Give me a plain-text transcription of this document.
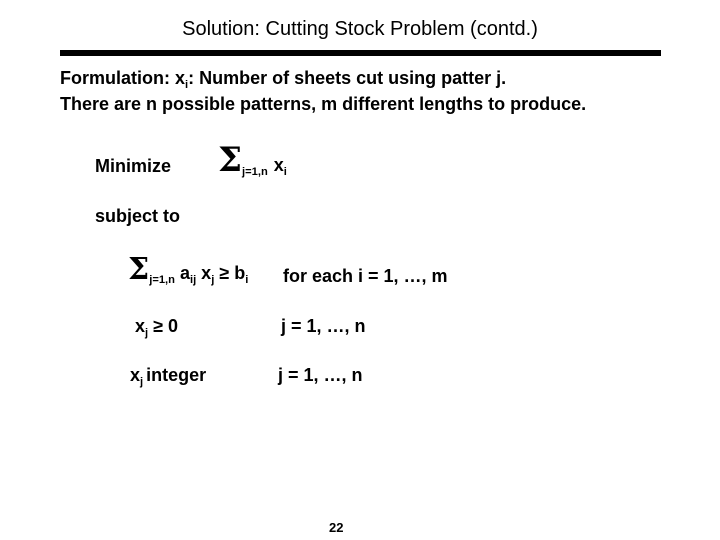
Solution: Cutting Stock Problem (contd.)
Formulation: $x_i$: Number of sheets cut using patter j.
There are n possible patterns, m different lengths to produce.
Minimize $\Sigma_{j=1,n}$ $x_i$
subject to
$\Sigma_{j=1,n}$ $a_{ij}$ $x_j \ge b_i$ for each i = 1, …, m
$x_j \ge 0$	j = 1, …, n
$x_j$ integer	j = 1, …, n
22
